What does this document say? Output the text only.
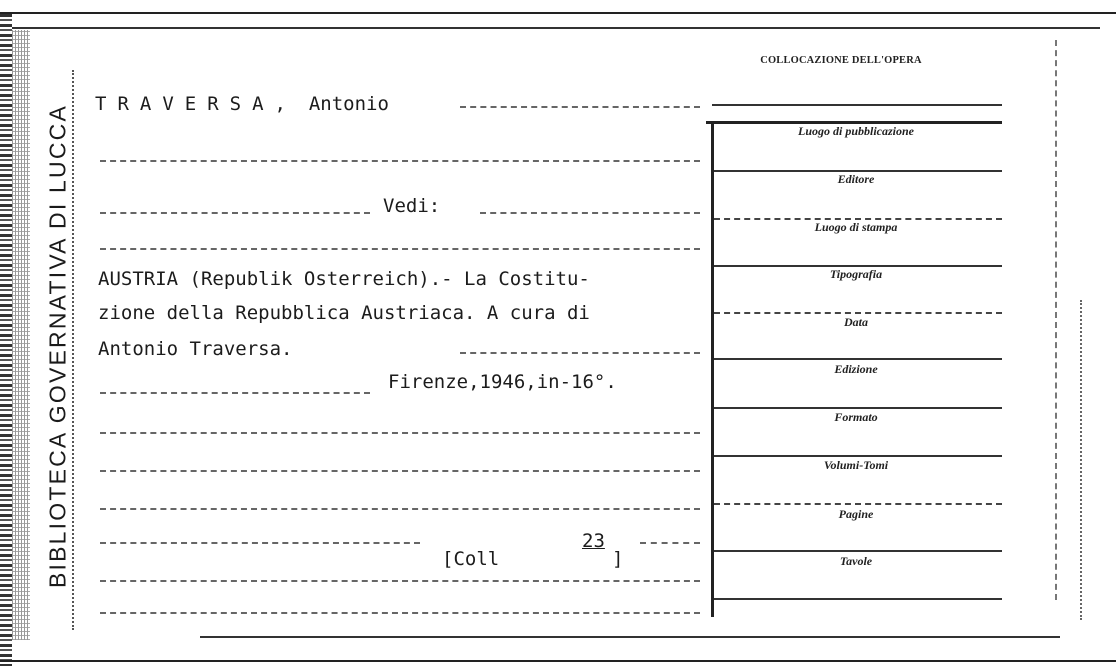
BIBLIOTECA GOVERNATIVA DI LUCCA TRAVERSA, Antonio
Vedi:
AUSTRIA (Republik Osterreich).- La Costitu-
zione della Repubblica Austriaca. A cura di
Antonio Traversa.
Firenze,1946,in-16°.
[Coll
23
]
COLLOCAZIONE DELL'OPERA
Luogo di pubblicazione
Editore
Luogo di stampa
Tipografia
Data
Edizione
Formato
Volumi-Tomi
Pagine
Tavole
